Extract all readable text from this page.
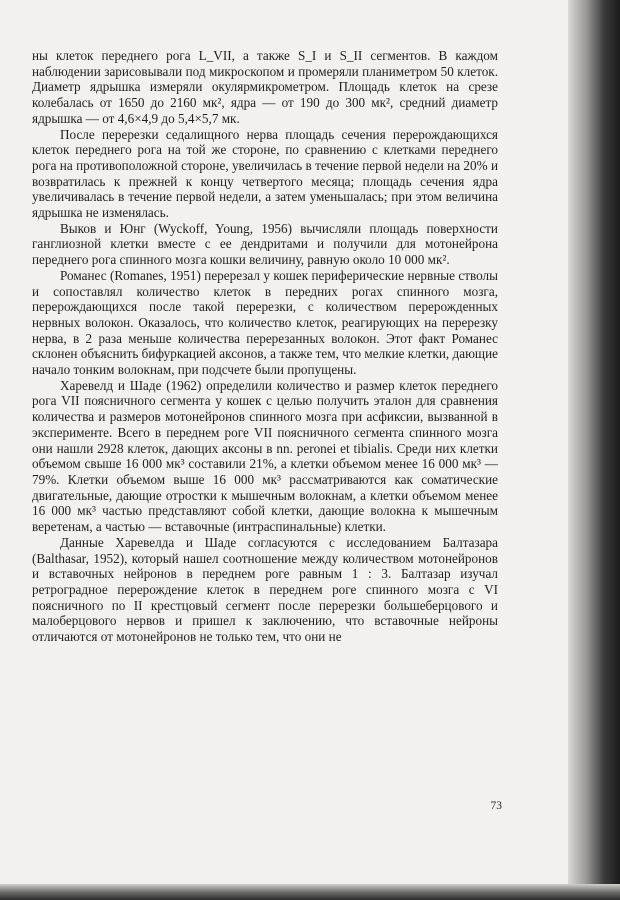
ны клеток переднего рога L_VII, а также S_I и S_II сегментов. В каждом наблюдении зарисовывали под микроскопом и промеряли планиметром 50 клеток. Диаметр ядрышка измеряли окулярмикрометром. Площадь клеток на срезе колебалась от 1650 до 2160 мк², ядра — от 190 до 300 мк², средний диаметр ядрышка — от 4,6×4,9 до 5,4×5,7 мк.

После перерезки седалищного нерва площадь сечения перерождающихся клеток переднего рога на той же стороне, по сравнению с клетками переднего рога на противоположной стороне, увеличилась в течение первой недели на 20% и возвратилась к прежней к концу четвертого месяца; площадь сечения ядра увеличивалась в течение первой недели, а затем уменьшалась; при этом величина ядрышка не изменялась.

Выков и Юнг (Wyckoff, Young, 1956) вычисляли площадь поверхности ганглиозной клетки вместе с ее дендритами и получили для мотонейрона переднего рога спинного мозга кошки величину, равную около 10 000 мк².

Романес (Romanes, 1951) перерезал у кошек периферические нервные стволы и сопоставлял количество клеток в передних рогах спинного мозга, перерождающихся после такой перерезки, с количеством перерожденных нервных волокон. Оказалось, что количество клеток, реагирующих на перерезку нерва, в 2 раза меньше количества перерезанных волокон. Этот факт Романес склонен объяснить бифуркацией аксонов, а также тем, что мелкие клетки, дающие начало тонким волокнам, при подсчете были пропущены.

Харевелд и Шаде (1962) определили количество и размер клеток переднего рога VII поясничного сегмента у кошек с целью получить эталон для сравнения количества и размеров мотонейронов спинного мозга при асфиксии, вызванной в эксперименте. Всего в переднем роге VII поясничного сегмента спинного мозга они нашли 2928 клеток, дающих аксоны в nn. peronei et tibialis. Среди них клетки объемом свыше 16 000 мк³ составили 21%, а клетки объемом менее 16 000 мк³ — 79%. Клетки объемом выше 16 000 мк³ рассматриваются как соматические двигательные, дающие отростки к мышечным волокнам, а клетки объемом менее 16 000 мк³ частью представляют собой клетки, дающие волокна к мышечным веретенам, а частью — вставочные (интраспинальные) клетки.

Данные Харевелда и Шаде согласуются с исследованием Балтазара (Balthasar, 1952), который нашел соотношение между количеством мотонейронов и вставочных нейронов в переднем роге равным 1 : 3. Балтазар изучал ретроградное перерождение клеток в переднем роге спинного мозга с VI поясничного по II крестцовый сегмент после перерезки большеберцового и малоберцового нервов и пришел к заключению, что вставочные нейроны отличаются от мотонейронов не только тем, что они не

73
